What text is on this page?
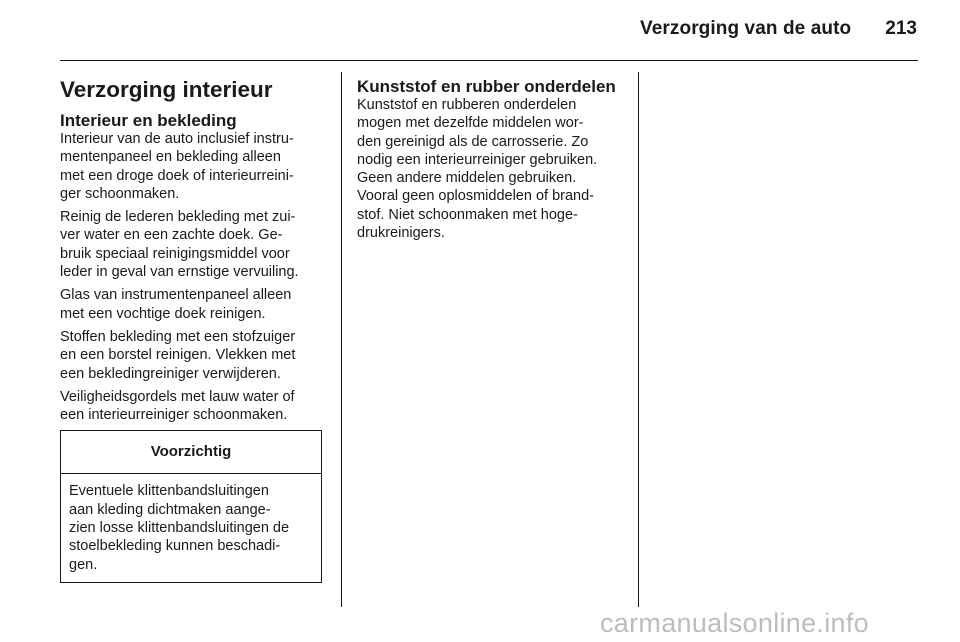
Verzorging van de auto	213
Verzorging interieur
Interieur en bekleding

Interieur van de auto inclusief instru-
mentenpaneel en bekleding alleen
met een droge doek of interieurreini-
ger schoonmaken.

Reinig de lederen bekleding met zui-
ver water en een zachte doek. Ge-
bruik speciaal reinigingsmiddel voor
leder in geval van ernstige vervuiling.

Glas van instrumentenpaneel alleen
met een vochtige doek reinigen.

Stoffen bekleding met een stofzuiger
en een borstel reinigen. Vlekken met
een bekledingreiniger verwijderen.

Veiligheidsgordels met lauw water of
een interieurreiniger schoonmaken.

Voorzichtig
Eventuele klittenbandsluitingen
aan kleding dichtmaken aange-
zien losse klittenbandsluitingen de
stoelbekleding kunnen beschadi-
gen.
Kunststof en rubber onderdelen

Kunststof en rubberen onderdelen
mogen met dezelfde middelen wor-
den gereinigd als de carrosserie. Zo
nodig een interieurreiniger gebruiken.
Geen andere middelen gebruiken.
Vooral geen oplosmiddelen of brand-
stof. Niet schoonmaken met hoge-
drukreinigers.

carmanualsonline.info
